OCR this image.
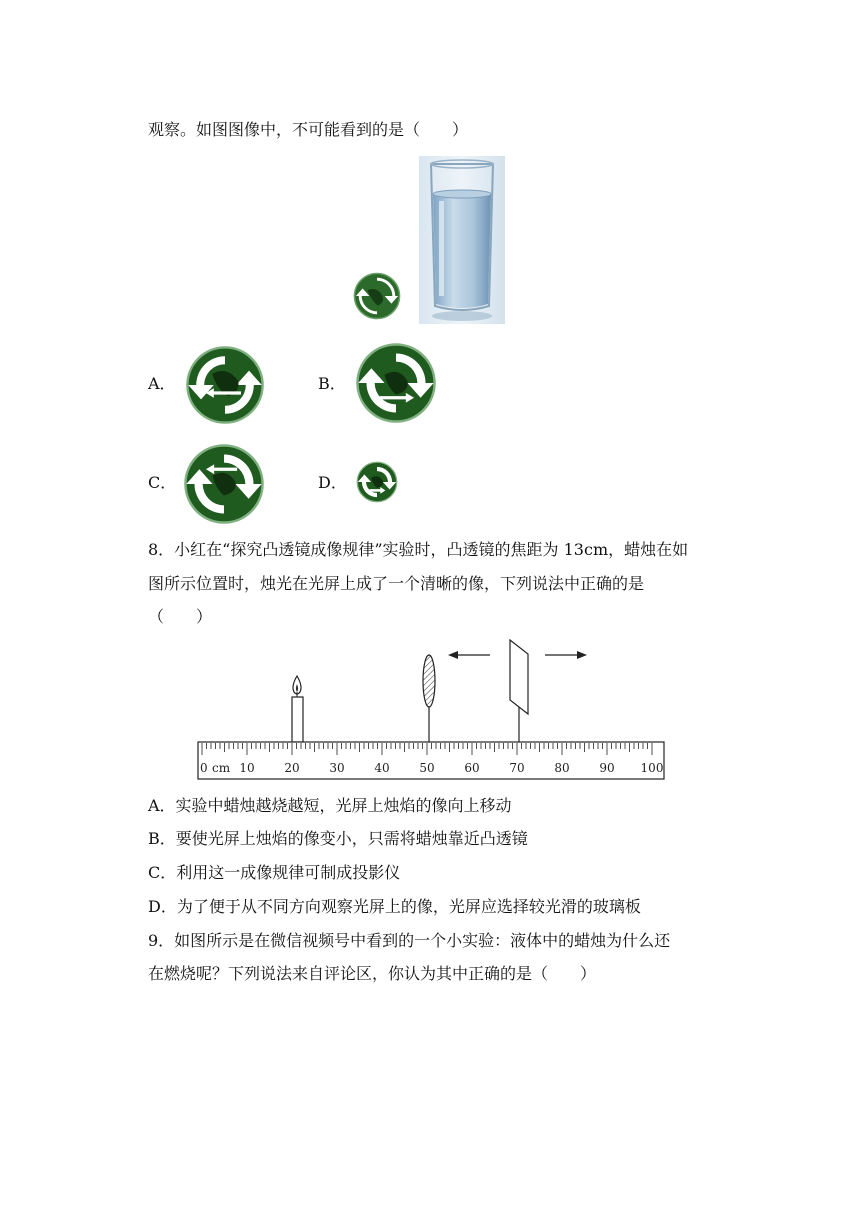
观察。如图图像中，不可能看到的是（　　）
A．	B．
C．	D．
8．小红在“探究凸透镜成像规律”实验时，凸透镜的焦距为 13cm，蜡烛在如
图所示位置时，烛光在光屏上成了一个清晰的像，下列说法中正确的是
（　　）
0	10 20 30 40 50 60 70 80 90 100
cm
A．实验中蜡烛越烧越短，光屏上烛焰的像向上移动
B．要使光屏上烛焰的像变小，只需将蜡烛靠近凸透镜
C．利用这一成像规律可制成投影仪
D．为了便于从不同方向观察光屏上的像，光屏应选择较光滑的玻璃板
9．如图所示是在微信视频号中看到的一个小实验：液体中的蜡烛为什么还
在燃烧呢？下列说法来自评论区，你认为其中正确的是（　　）
